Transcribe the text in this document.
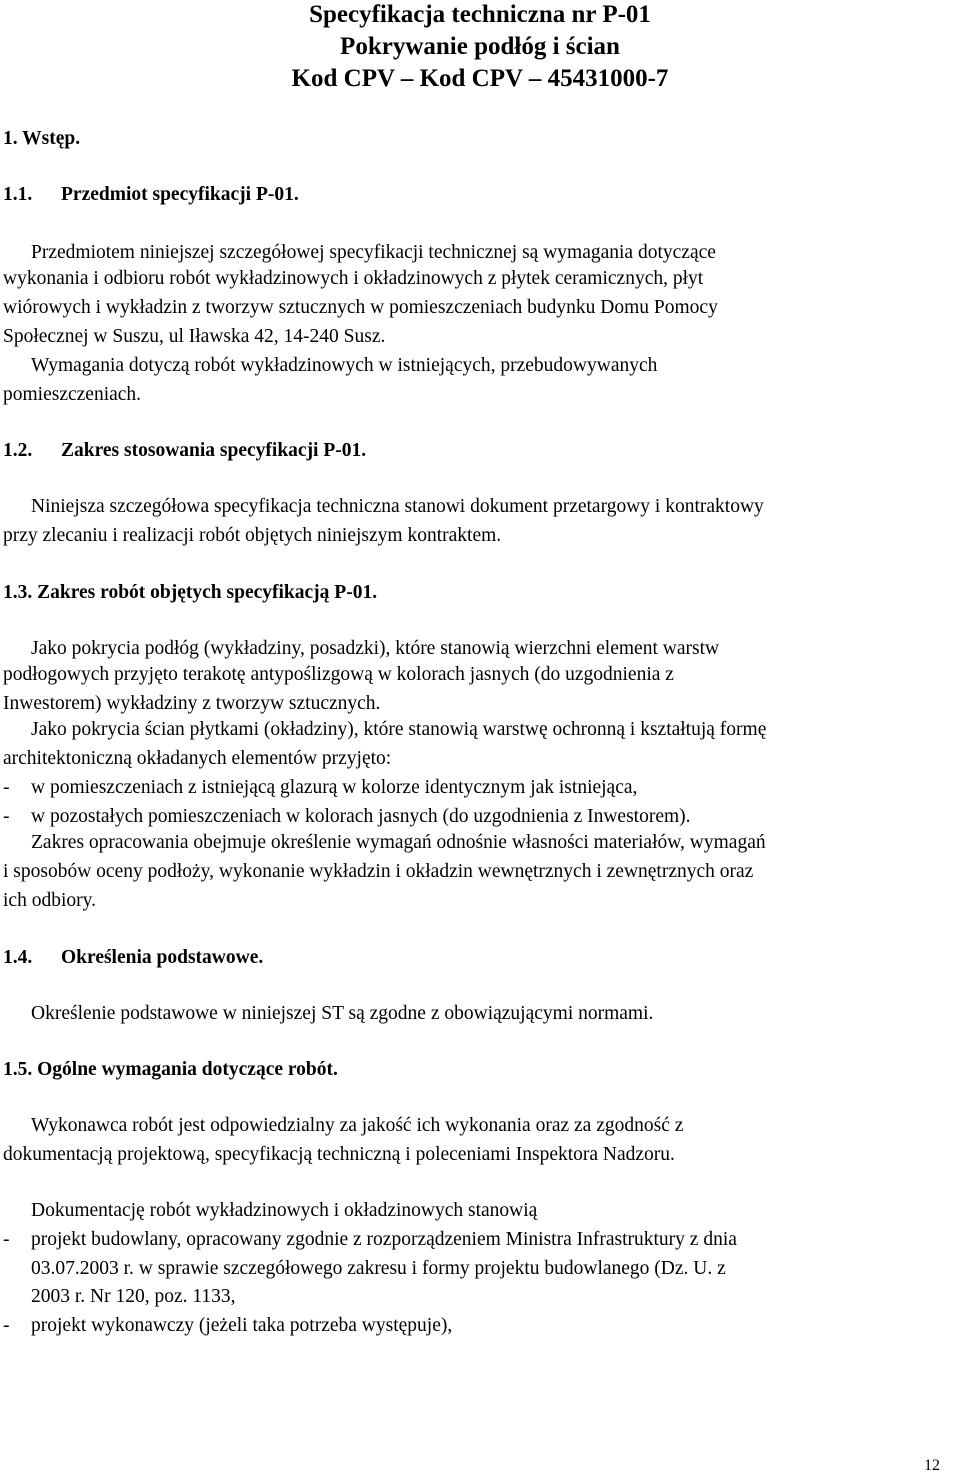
Specyfikacja techniczna nr P-01
Pokrywanie podłóg i ścian
Kod CPV – Kod CPV – 45431000-7
1. Wstęp.
1.1. Przedmiot specyfikacji P-01.
Przedmiotem niniejszej szczegółowej specyfikacji technicznej są wymagania dotyczące
wykonania i odbioru robót wykładzinowych i okładzinowych z płytek ceramicznych, płyt
wiórowych i wykładzin z tworzyw sztucznych w pomieszczeniach budynku Domu Pomocy
Społecznej w Suszu, ul Iławska 42, 14-240 Susz.
Wymagania dotyczą robót wykładzinowych w istniejących, przebudowywanych
pomieszczeniach.
1.2. Zakres stosowania specyfikacji P-01.
Niniejsza szczegółowa specyfikacja techniczna stanowi dokument przetargowy i kontraktowy
przy zlecaniu i realizacji robót objętych niniejszym kontraktem.
1.3. Zakres robót objętych specyfikacją P-01.
Jako pokrycia podłóg (wykładziny, posadzki), które stanowią wierzchni element warstw
podłogowych przyjęto terakotę antypoślizgową w kolorach jasnych (do uzgodnienia z
Inwestorem) wykładziny z tworzyw sztucznych.
Jako pokrycia ścian płytkami (okładziny), które stanowią warstwę ochronną i kształtują formę
architektoniczną okładanych elementów przyjęto:
- w pomieszczeniach z istniejącą glazurą w kolorze identycznym jak istniejąca,
- w pozostałych pomieszczeniach w kolorach jasnych (do uzgodnienia z Inwestorem).
Zakres opracowania obejmuje określenie wymagań odnośnie własności materiałów, wymagań
i sposobów oceny podłoży, wykonanie wykładzin i okładzin wewnętrznych i zewnętrznych oraz
ich odbiory.
1.4. Określenia podstawowe.
Określenie podstawowe w niniejszej ST są zgodne z obowiązującymi normami.
1.5. Ogólne wymagania dotyczące robót.
Wykonawca robót jest odpowiedzialny za jakość ich wykonania oraz za zgodność z
dokumentacją projektową, specyfikacją techniczną i poleceniami Inspektora Nadzoru.
Dokumentację robót wykładzinowych i okładzinowych stanowią
- projekt budowlany, opracowany zgodnie z rozporządzeniem Ministra Infrastruktury z dnia
03.07.2003 r. w sprawie szczegółowego zakresu i formy projektu budowlanego (Dz. U. z
2003 r. Nr 120, poz. 1133,
- projekt wykonawczy (jeżeli taka potrzeba występuje),
12
